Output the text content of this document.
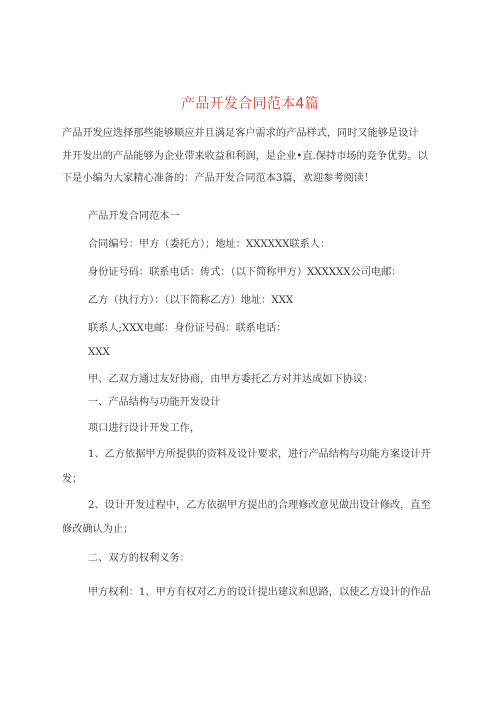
产品开发合同范本4篇
产品开发应选择那些能够顺应并且满足客户需求的产品样式，同时又能够是设计
并开发出的产品能够为企业带来收益和利润，是企业•直.保持市场的竞争优势。以
下是小编为大家精心准备的：产品开发合同范本3篇，欢迎参考阅读！
产品开发合同范本一
合同编号：甲方（委托方）；地址：XXXXXX联系人：
身份证号码：联系电话：传式：（以下简称甲方）XXXXXX公司电邮：
乙方（执行方）：（以下简称乙方）地址：XXX
联系人;XXX电邮：身份证号码：联系电话：
XXX
甲、乙双方通过友好协商，由甲方委托乙方对并达成如下协议：
一、产品结构与功能开发设计
项口进行设计开发工作，
1、乙方依据甲方所提供的资料及设计要求，进行产品结构与功能方案设计开
发；
2、设计开发过程中，乙方依据甲方提出的合理修改意见做出设计修改，直至
修改确认为止；
二、双方的权利义务：
甲方权利：1、甲方有权对乙方的设计提出建议和思路，以使乙方设计的作品
